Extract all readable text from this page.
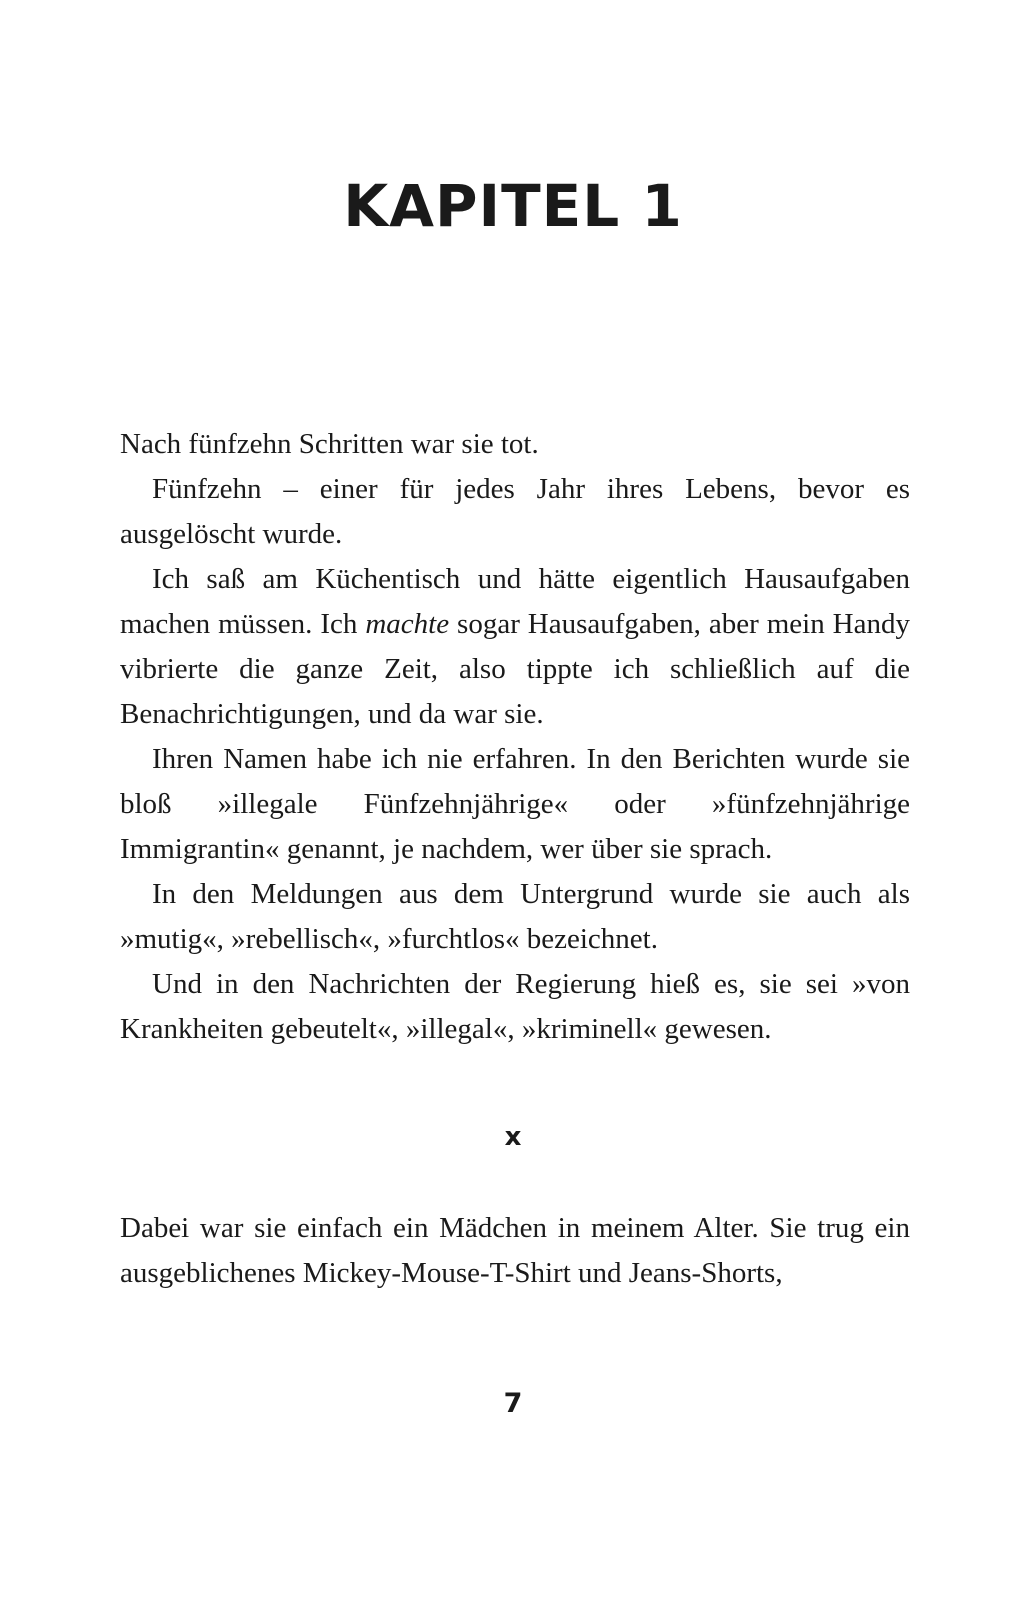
KAPITEL 1

Nach fünfzehn Schritten war sie tot.

Fünfzehn – einer für jedes Jahr ihres Lebens, bevor es ausgelöscht wurde.

Ich saß am Küchentisch und hätte eigentlich Hausaufgaben machen müssen. Ich machte sogar Hausaufgaben, aber mein Handy vibrierte die ganze Zeit, also tippte ich schließlich auf die Benachrichtigungen, und da war sie.

Ihren Namen habe ich nie erfahren. In den Berichten wurde sie bloß »illegale Fünfzehnjährige« oder »fünfzehnjährige Immigrantin« genannt, je nachdem, wer über sie sprach.

In den Meldungen aus dem Untergrund wurde sie auch als »mutig«, »rebellisch«, »furchtlos« bezeichnet.

Und in den Nachrichten der Regierung hieß es, sie sei »von Krankheiten gebeutelt«, »illegal«, »kriminell« gewesen.

x

Dabei war sie einfach ein Mädchen in meinem Alter. Sie trug ein ausgeblichenes Mickey-Mouse-T-Shirt und Jeans-Shorts,

7
